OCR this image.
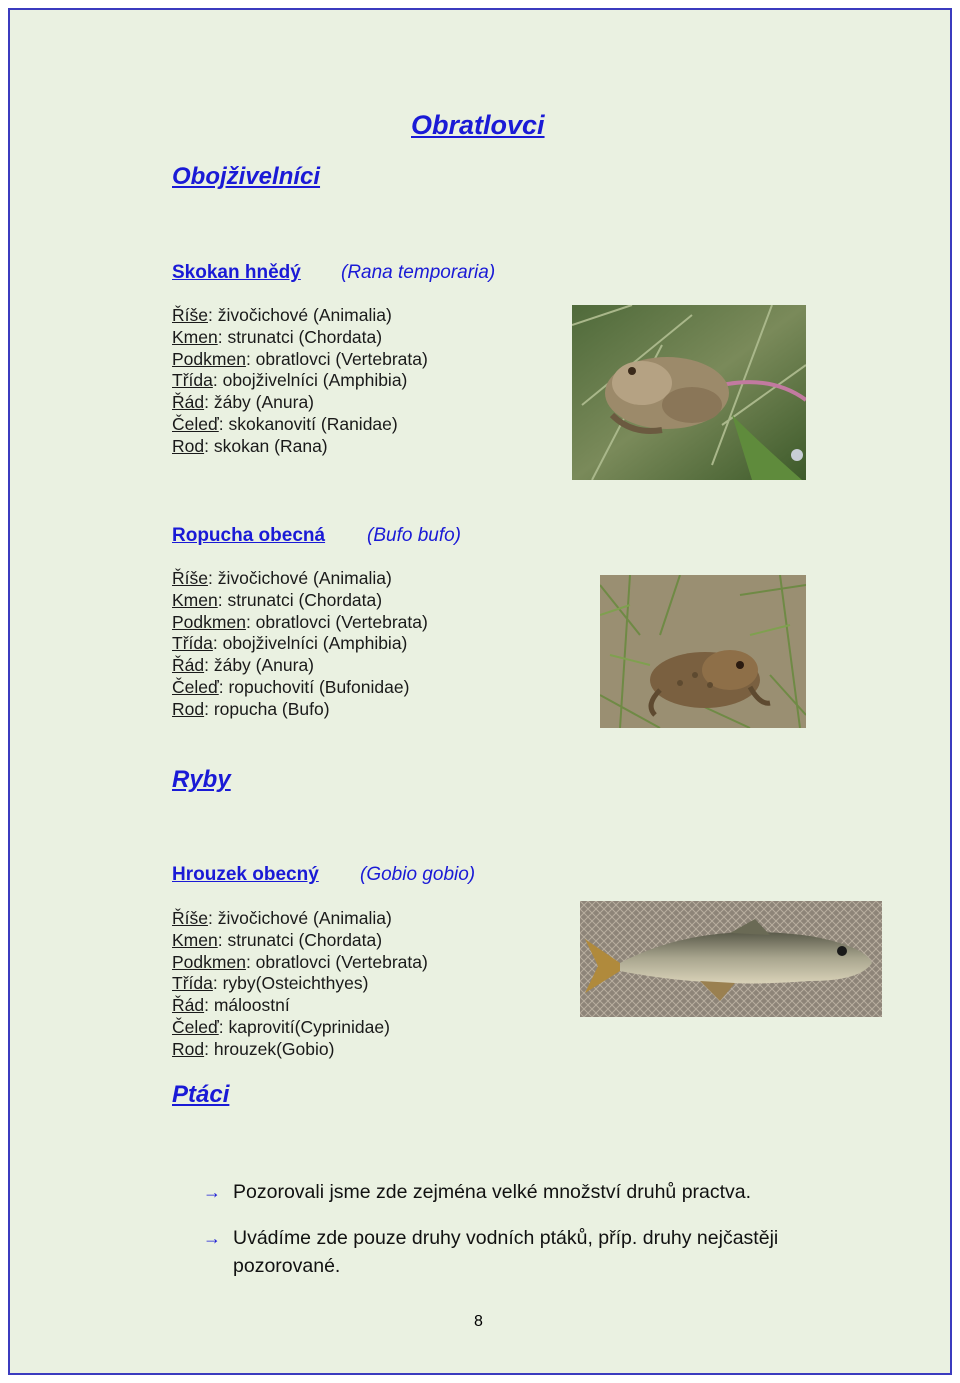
Obratlovci
Obojživelníci
Skokan hnědý (Rana temporaria)
Říše: živočichové (Animalia)
Kmen: strunatci (Chordata)
Podkmen: obratlovci (Vertebrata)
Třída: obojživelníci (Amphibia)
Řád: žáby (Anura)
Čeleď: skokanovití (Ranidae)
Rod: skokan (Rana)
Ropucha obecná (Bufo bufo)
Říše: živočichové (Animalia)
Kmen: strunatci (Chordata)
Podkmen: obratlovci (Vertebrata)
Třída: obojživelníci (Amphibia)
Řád: žáby (Anura)
Čeleď: ropuchovití (Bufonidae)
Rod: ropucha (Bufo)
Ryby
Hrouzek obecný (Gobio gobio)
Říše: živočichové (Animalia)
Kmen: strunatci (Chordata)
Podkmen: obratlovci (Vertebrata)
Třída: ryby(Osteichthyes)
Řád: máloostní
Čeleď: kaprovití(Cyprinidae)
Rod: hrouzek(Gobio)
Ptáci
→ Pozorovali jsme zde zejména velké množství druhů practva.
→ Uvádíme zde pouze druhy vodních ptáků, příp. druhy nejčastěji pozorované.
8
